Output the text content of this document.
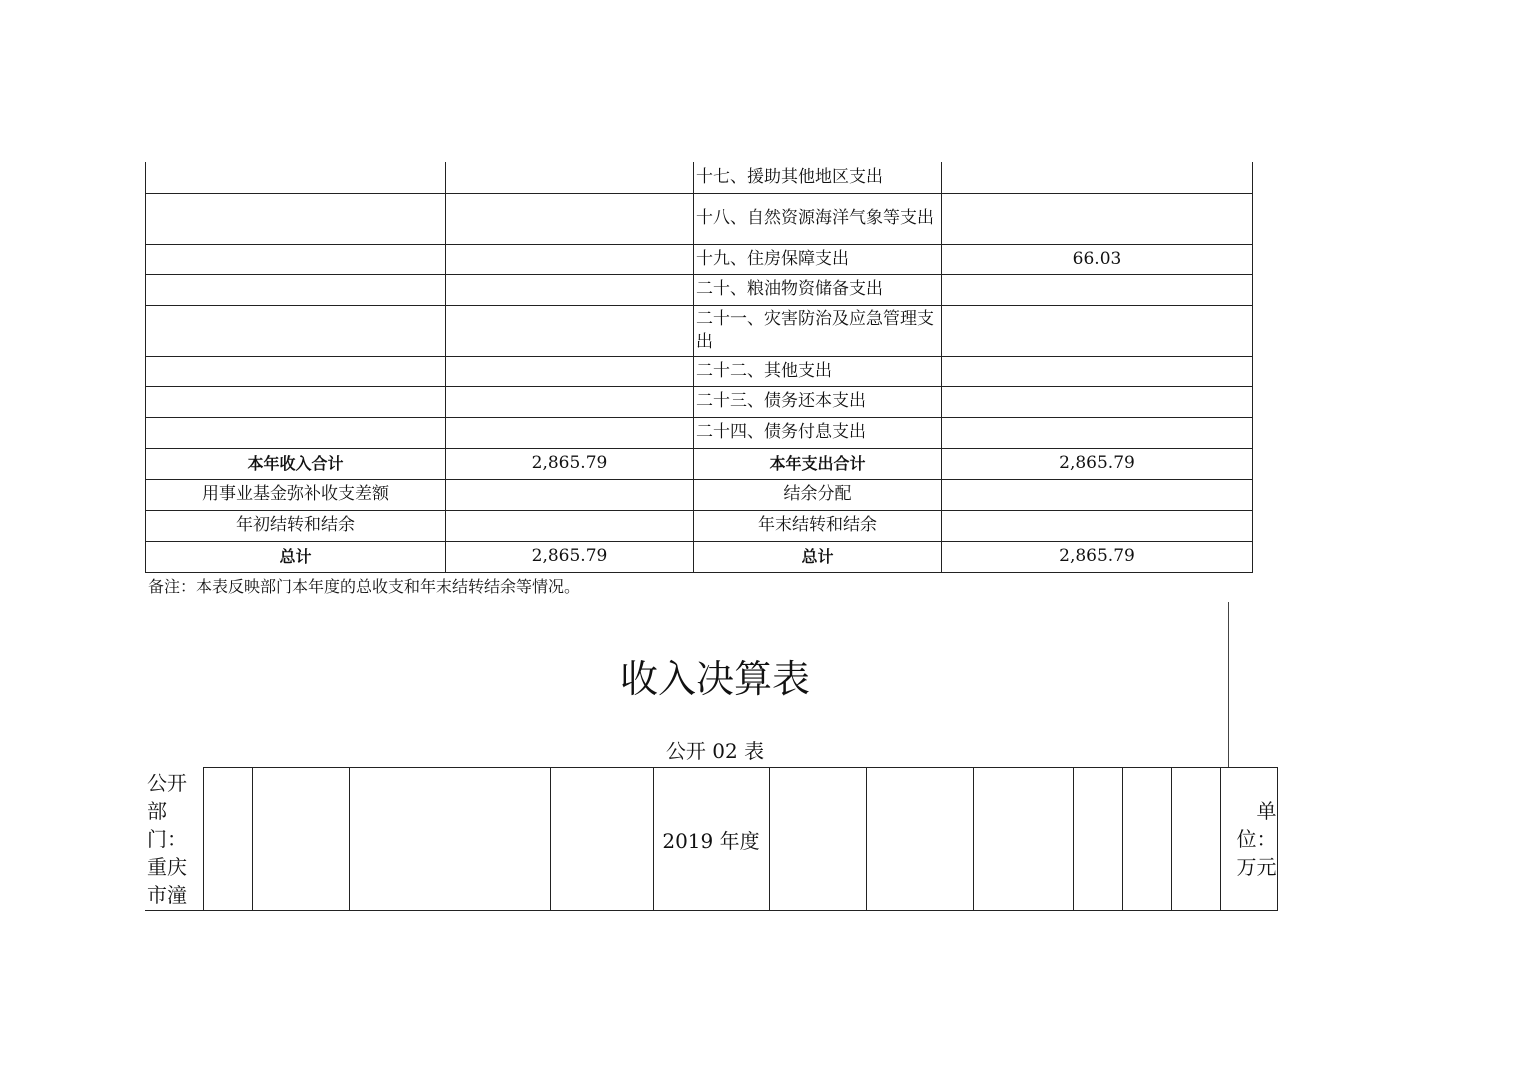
		十七、援助其他地区支出	
		十八、自然资源海洋气象等支出	
		十九、住房保障支出	66.03
		二十、粮油物资储备支出	
		二十一、灾害防治及应急管理支出	
		二十二、其他支出	
		二十三、债务还本支出	
		二十四、债务付息支出	
本年收入合计	2,865.79	本年支出合计	2,865.79
用事业基金弥补收支差额		结余分配	
年初结转和结余		年末结转和结余	
总计	2,865.79	总计	2,865.79
备注：本表反映部门本年度的总收支和年末结转结余等情况。
收入决算表
公开 02 表
公开
部
门：
重庆
市潼
					2019 年度							
单
位：
万元
